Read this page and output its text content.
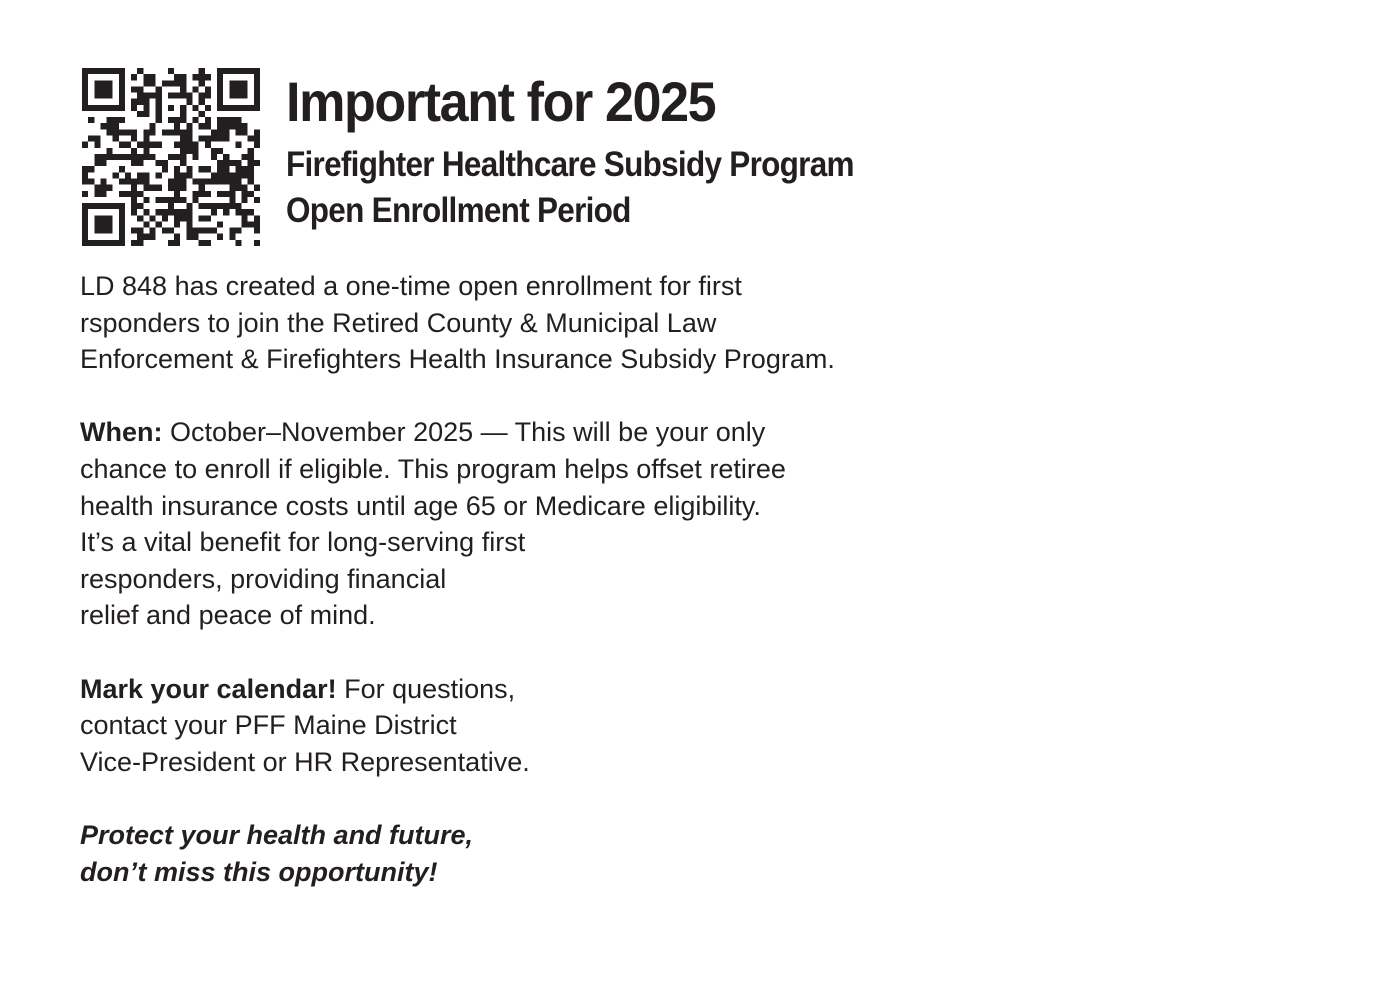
Important for 2025
Firefighter Healthcare Subsidy Program
Open Enrollment Period

LD 848 has created a one-time open enrollment for first
rsponders to join the Retired County & Municipal Law
Enforcement & Firefighters Health Insurance Subsidy Program.

When: October–November 2025 — This will be your only
chance to enroll if eligible. This program helps offset retiree
health insurance costs until age 65 or Medicare eligibility.
It’s a vital benefit for long-serving first
responders, providing financial
relief and peace of mind.

Mark your calendar! For questions,
contact your PFF Maine District
Vice-President or HR Representative.

Protect your health and future,
don’t miss this opportunity!
